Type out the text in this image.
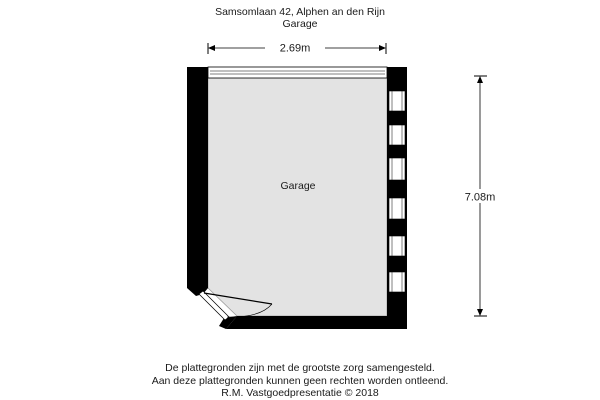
Samsomlaan 42, Alphen an den Rijn
Garage
2.69m
7.08m
Garage
De plattegronden zijn met de grootste zorg samengesteld.
Aan deze plattegronden kunnen geen rechten worden ontleend.
R.M. Vastgoedpresentatie © 2018
